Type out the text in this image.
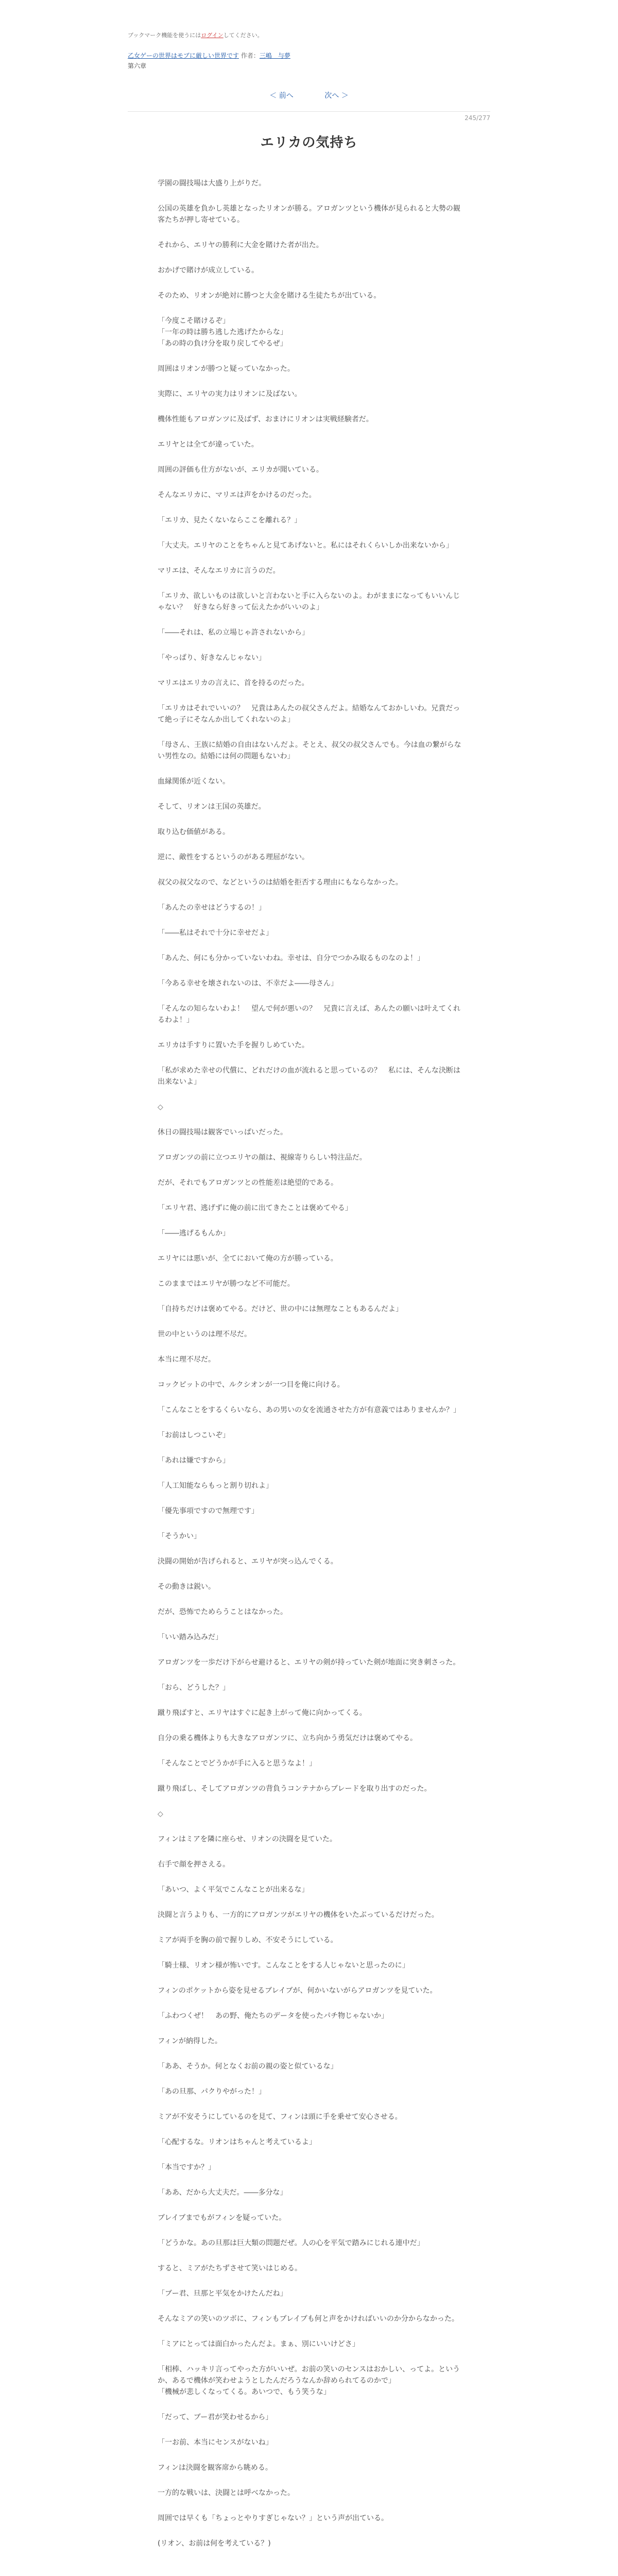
ブックマーク機能を使うにはログインしてください。
乙女ゲーの世界はモブに厳しい世界です 作者：三嶋　与夢
第六章
＜ 前へ	次へ ＞
245/277
エリカの気持ち

学園の闘技場は大盛り上がりだ。

公国の英雄を負かし英雄となったリオンが勝る。アロガンツという機体が見られると大勢の観客たちが押し寄せている。

それから、エリヤの勝利に大金を賭けた者が出た。

おかげで賭けが成立している。

そのため、リオンが絶対に勝つと大金を賭ける生徒たちが出ている。

「今度こそ賭けるぞ」
「一年の時は勝ち逃した逃げたからな」
「あの時の負け分を取り戻してやるぜ」

周囲はリオンが勝つと疑っていなかった。

実際に、エリヤの実力はリオンに及ばない。

機体性能もアロガンツに及ばず、おまけにリオンは実戦経験者だ。

エリヤとは全てが違っていた。

周囲の評価も仕方がないが、エリカが聞いている。

そんなエリカに、マリエは声をかけるのだった。

「エリカ、見たくないならここを離れる？」

「大丈夫。エリヤのことをちゃんと見てあげないと。私にはそれくらいしか出来ないから」

マリエは、そんなエリカに言うのだ。

「エリカ、欲しいものは欲しいと言わないと手に入らないのよ。わがままになってもいいんじゃない？　好きなら好きって伝えたかがいいのよ」

「――それは、私の立場じゃ許されないから」

「やっぱり、好きなんじゃない」

マリエはエリカの言えに、首を持るのだった。

「エリカはそれでいいの？　兄貴はあんたの叔父さんだよ。結婚なんておかしいわ。兄貴だって絶っ子にそなんか出してくれないのよ」

「母さん、王族に結婚の自由はないんだよ。そとえ、叔父の叔父さんでも。今は血の繋がらない男性なの。結婚には何の問題もないわ」

血縁関係が近くない。

そして、リオンは王国の英雄だ。

取り込む価値がある。

逆に、敵性をするというのがある理屈がない。

叔父の叔父なので、などというのは結婚を拒否する理由にもならなかった。

「あんたの幸せはどうするの！」

「――私はそれで十分に幸せだよ」

「あんた、何にも分かっていないわね。幸せは、自分でつかみ取るものなのよ！」

「今ある幸せを壊されないのは、不幸だよ――母さん」

「そんなの知らないわよ！　望んで何が悪いの？　兄貴に言えば、あんたの願いは叶えてくれるわよ！」

エリカは手すりに置いた手を握りしめていた。

「私が求めた幸せの代償に、どれだけの血が流れると思っているの？　私には、そんな決断は出来ないよ」

◇

休日の闘技場は観客でいっぱいだった。

アロガンツの前に立つエリヤの顔は、視線寄りらしい特注品だ。

だが、それでもアロガンツとの性能差は絶望的である。

「エリヤ君、逃げずに俺の前に出てきたことは褒めてやる」

「――逃げるもんか」

エリヤには悪いが、全てにおいて俺の方が勝っている。

このままではエリヤが勝つなど不可能だ。

「自持ちだけは褒めてやる。だけど、世の中には無理なこともあるんだよ」

世の中というのは理不尽だ。

本当に理不尽だ。

コックピットの中で、ルクシオンが一つ目を俺に向ける。

「こんなことをするくらいなら、あの男いの女を流通させた方が有意義ではありませんか？」

「お前はしつこいぞ」

「あれは嫌ですから」

「人工知能ならもっと割り切れよ」

「優先事項ですので無理です」

「そうかい」

決闘の開始が告げられると、エリヤが突っ込んでくる。

その動きは鋭い。

だが、恐怖でためらうことはなかった。

「いい踏み込みだ」

アロガンツを一歩だけ下がらせ避けると、エリヤの剣が持っていた剣が地面に突き刺さった。

「おら、どうした？」

蹴り飛ばすと、エリヤはすぐに起き上がって俺に向かってくる。

自分の乗る機体よりも大きなアロガンツに、立ち向かう勇気だけは褒めてやる。

「そんなことでどうかが手に入ると思うなよ！」

蹴り飛ばし、そしてアロガンツの背負うコンテナからブレードを取り出すのだった。

◇

フィンはミアを隣に座らせ、リオンの決闘を見ていた。

右手で顔を押さえる。

「あいつ、よく平気でこんなことが出来るな」

決闘と言うよりも、一方的にアロガンツがエリヤの機体をいたぶっているだけだった。

ミアが両手を胸の前で握りしめ、不安そうにしている。

「騎士様、リオン様が怖いです。こんなことをする人じゃないと思ったのに」

フィンのポケットから姿を見せるブレイブが、何かいないがらアロガンツを見ていた。

「ふわつくぜ！　あの野、俺たちのデータを使ったパチ物じゃないか」

フィンが納得した。

「ああ、そうか。何となくお前の親の姿と似ているな」

「あの旦那、パクりやがった！」

ミアが不安そうにしているのを見て、フィンは頭に手を乗せて安心させる。

「心配するな。リオンはちゃんと考えているよ」

「本当ですか？」

「ああ、だから大丈夫だ。――多分な」

ブレイブまでもがフィンを疑っていた。

「どうかな。あの旦那は巨大類の問題だぜ。人の心を平気で踏みにじれる連中だ」

すると、ミアがたちずさせて笑いはじめる。

「ブー君、旦那と平気をかけたんだね」

そんなミアの笑いのツボに、フィンもブレイブも何と声をかければいいのか分からなかった。

「ミアにとっては面白かったんだよ。まぁ、別にいいけどさ」

「相棒、ハッキリ言ってやった方がいいぜ。お前の笑いのセンスはおかしい、ってよ。というか、あるで機体が笑わせようとしたんだろうなんか辞められてるのかで」
「機械が悲しくなってくる。あいつで、もう笑うな」

「だって、ブー君が笑わせるから」

「一お前、本当にセンスがないね」

フィンは決闘を観客席から眺める。

一方的な戦いは、決闘とは呼べなかった。

周囲では早くも「ちょっとやりすぎじゃない？」という声が出ている。

(リオン、お前は何を考えている？)
